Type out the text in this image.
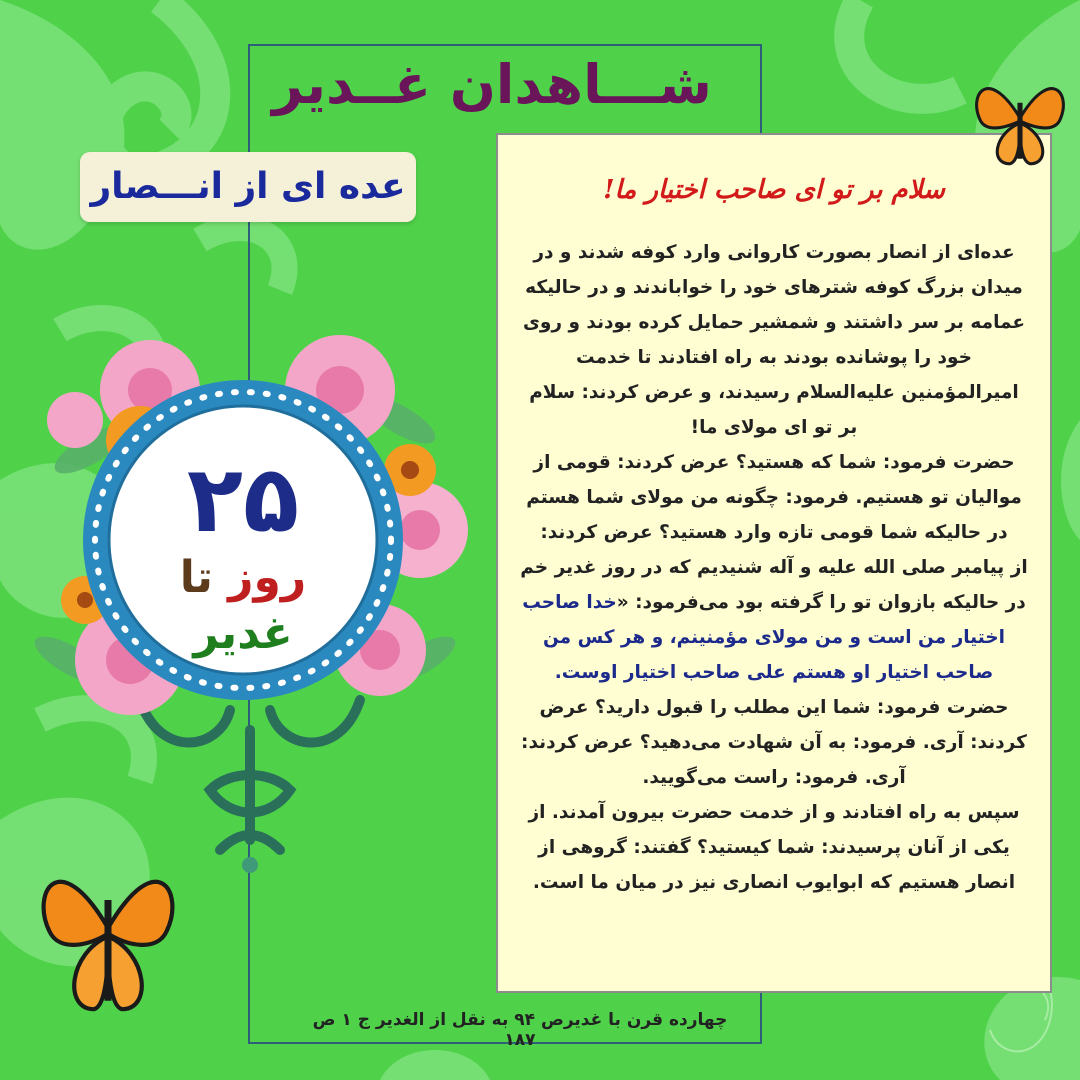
شـــاهدان غــدیر
عده ای از انـــصار
۲۵
روز تا غدیر
سلام بر تو ای صاحب اختیار ما!

عده‌ای از انصار بصورت کاروانی وارد کوفه شدند و در میدان بزرگ کوفه شترهای خود را خواباندند و در حالیکه عمامه بر سر داشتند و شمشیر حمایل کرده بودند و روی خود را پوشانده بودند به راه افتادند تا خدمت امیرالمؤمنین علیه‌السلام رسیدند، و عرض کردند: سلام بر تو ای مولای ما!

حضرت فرمود: شما که هستید؟ عرض کردند: قومی از موالیان تو هستیم. فرمود: چگونه من مولای شما هستم در حالیکه شما قومی تازه وارد هستید؟ عرض کردند:

از پیامبر صلی الله علیه و آله شنیدیم که در روز غدیر خم در حالیکه بازوان تو را گرفته بود می‌فرمود: «خدا صاحب اختیار من است و من مولای مؤمنینم، و هر کس من صاحب اختیار او هستم علی صاحب اختیار اوست.

حضرت فرمود: شما این مطلب را قبول دارید؟ عرض کردند: آری. فرمود: به آن شهادت می‌دهید؟ عرض کردند: آری. فرمود: راست می‌گویید.

سپس به راه افتادند و از خدمت حضرت بیرون آمدند. از یکی از آنان پرسیدند: شما کیستید؟ گفتند: گروهی از انصار هستیم که ابوایوب انصاری نیز در میان ما است.

چهارده قرن با غدیرص ۹۴ به نقل از الغدیر ج ۱ ص ۱۸۷
